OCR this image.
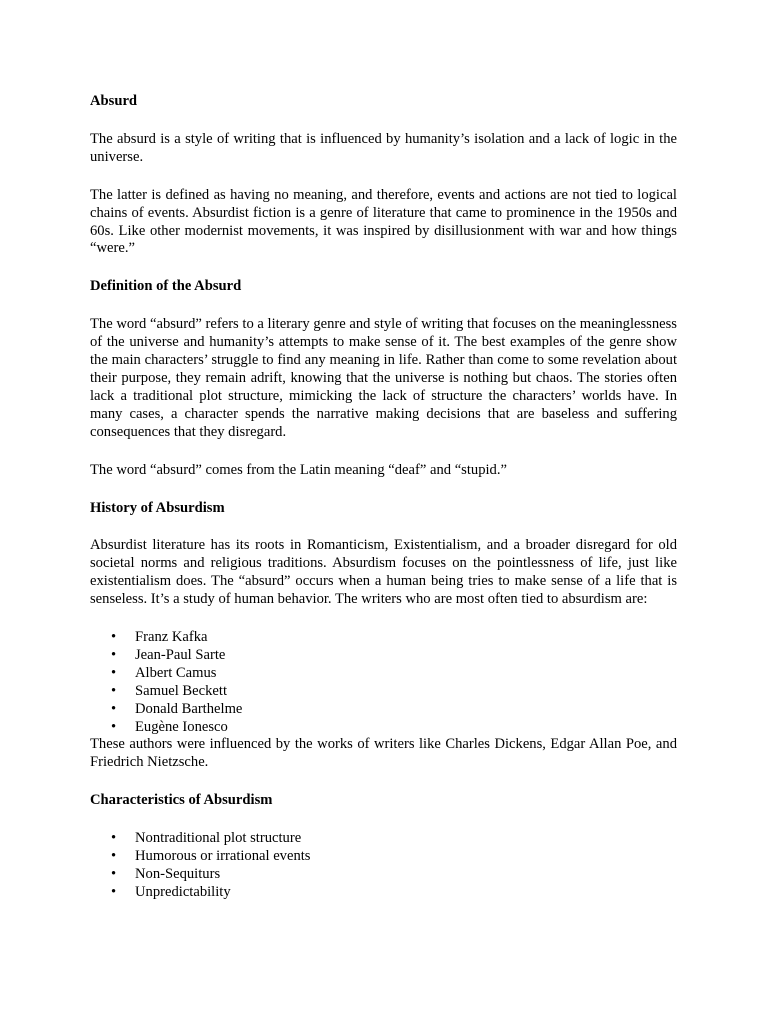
Absurd

The absurd is a style of writing that is influenced by humanity’s isolation and a lack of logic in the universe.

The latter is defined as having no meaning, and therefore, events and actions are not tied to logical chains of events. Absurdist fiction is a genre of literature that came to prominence in the 1950s and 60s. Like other modernist movements, it was inspired by disillusionment with war and how things “were.”

Definition of the Absurd

The word “absurd” refers to a literary genre and style of writing that focuses on the meaninglessness of the universe and humanity’s attempts to make sense of it. The best examples of the genre show the main characters’ struggle to find any meaning in life. Rather than come to some revelation about their purpose, they remain adrift, knowing that the universe is nothing but chaos. The stories often lack a traditional plot structure, mimicking the lack of structure the characters’ worlds have. In many cases, a character spends the narrative making decisions that are baseless and suffering consequences that they disregard.

The word “absurd” comes from the Latin meaning “deaf” and “stupid.”

History of Absurdism

Absurdist literature has its roots in Romanticism, Existentialism, and a broader disregard for old societal norms and religious traditions. Absurdism focuses on the pointlessness of life, just like existentialism does. The “absurd” occurs when a human being tries to make sense of a life that is senseless. It’s a study of human behavior. The writers who are most often tied to absurdism are:

• Franz Kafka
• Jean-Paul Sarte
• Albert Camus
• Samuel Beckett
• Donald Barthelme
• Eugène Ionesco

These authors were influenced by the works of writers like Charles Dickens, Edgar Allan Poe, and Friedrich Nietzsche.

Characteristics of Absurdism
• Nontraditional plot structure
• Humorous or irrational events
• Non-Sequiturs
• Unpredictability
